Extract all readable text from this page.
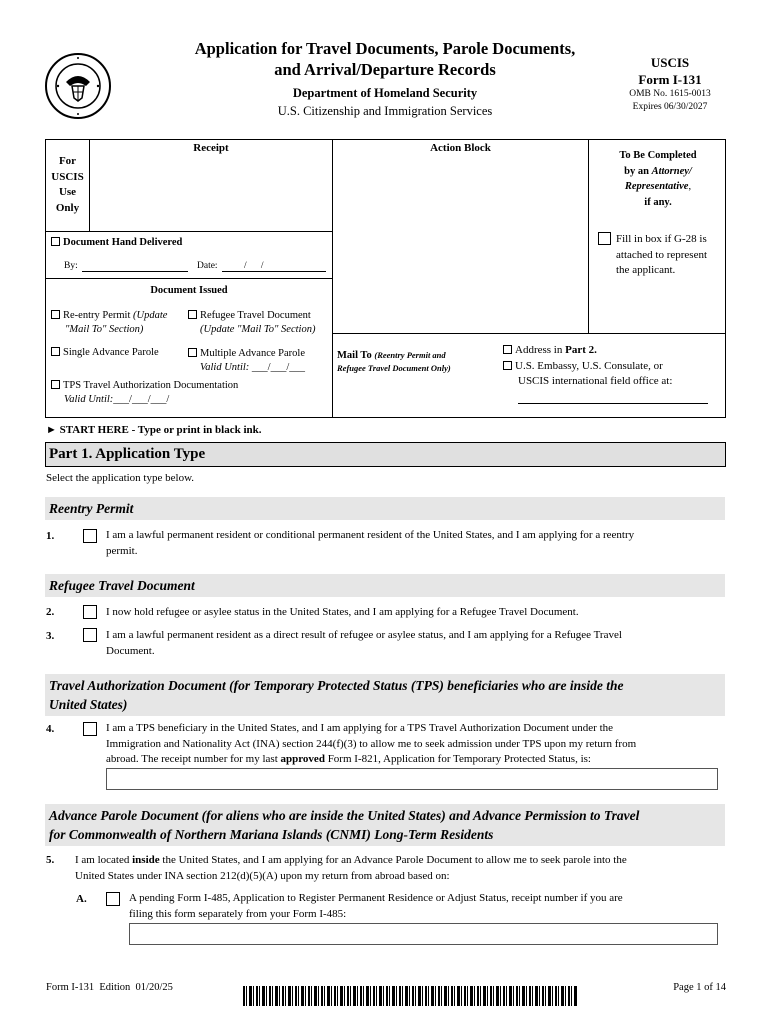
Application for Travel Documents, Parole Documents,
and Arrival/Departure Records
Department of Homeland Security
U.S. Citizenship and Immigration Services
USCIS
Form I-131
OMB No. 1615-0013
Expires 06/30/2027
For
USCIS
Use
Only
Receipt	Action Block
To Be Completed
by an Attorney/
Representative,
if any.
Fill in box if G-28 is
attached to represent
the applicant.
Document Hand Delivered
By:	Date:	/      /
Document Issued
Re-entry Permit (Update
"Mail To" Section)
Refugee Travel Document
(Update "Mail To" Section)
Single Advance Parole	Multiple Advance Parole
Valid Until: ___/___/___
TPS Travel Authorization Documentation
Valid Until:___/___/___/
Mail To (Reentry Permit and
Refugee Travel Document Only)
Address in Part 2.
U.S. Embassy, U.S. Consulate, or
USCIS international field office at:
► START HERE - Type or print in black ink.
Part 1. Application Type
Select the application type below.
Reentry Permit
1.	I am a lawful permanent resident or conditional permanent resident of the United States, and I am applying for a reentry
permit.
Refugee Travel Document
2.	I now hold refugee or asylee status in the United States, and I am applying for a Refugee Travel Document.
3.	I am a lawful permanent resident as a direct result of refugee or asylee status, and I am applying for a Refugee Travel
Document.
Travel Authorization Document (for Temporary Protected Status (TPS) beneficiaries who are inside the
United States)
4.	I am a TPS beneficiary in the United States, and I am applying for a TPS Travel Authorization Document under the
Immigration and Nationality Act (INA) section 244(f)(3) to allow me to seek admission under TPS upon my return from
abroad. The receipt number for my last approved Form I-821, Application for Temporary Protected Status, is:
Advance Parole Document (for aliens who are inside the United States) and Advance Permission to Travel
for Commonwealth of Northern Mariana Islands (CNMI) Long-Term Residents
5. I am located inside the United States, and I am applying for an Advance Parole Document to allow me to seek parole into the
United States under INA section 212(d)(5)(A) upon my return from abroad based on:
A.	A pending Form I-485, Application to Register Permanent Residence or Adjust Status, receipt number if you are
filing this form separately from your Form I-485:
Form I-131  Edition  01/20/25	Page 1 of 14
